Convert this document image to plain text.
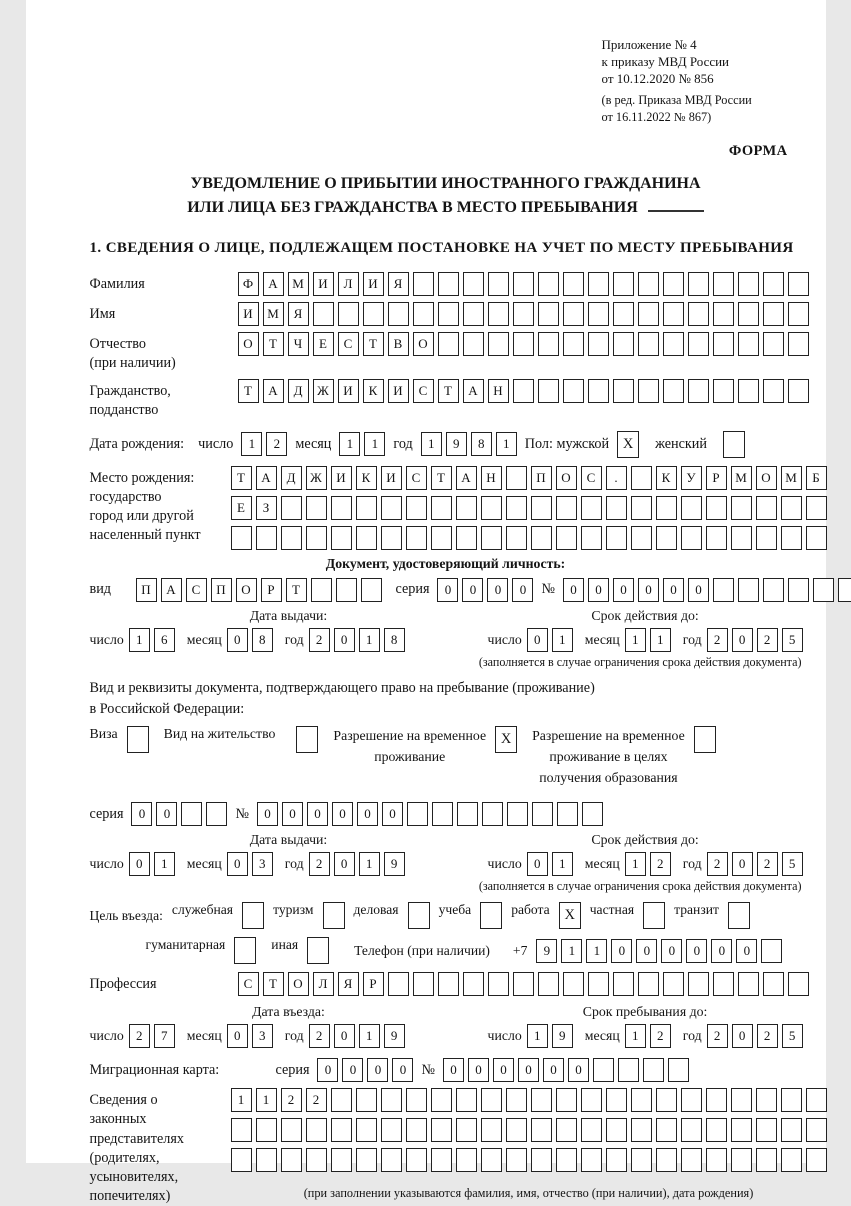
Приложение № 4
к приказу МВД России
от 10.12.2020 № 856
(в ред. Приказа МВД России
от 16.11.2022 № 867)
ФОРМА
УВЕДОМЛЕНИЕ О ПРИБЫТИИ ИНОСТРАННОГО ГРАЖДАНИНА
ИЛИ ЛИЦА БЕЗ ГРАЖДАНСТВА В МЕСТО ПРЕБЫВАНИЯ
1. СВЕДЕНИЯ О ЛИЦЕ, ПОДЛЕЖАЩЕМ ПОСТАНОВКЕ НА УЧЕТ ПО МЕСТУ ПРЕБЫВАНИЯ
Фамилия	Ф	А	М	И	Л	И	Я
Имя	И	М	Я
Отчество
(при наличии)
О	Т	Ч	Е	С	Т	В	О
Гражданство,
подданство
Т	А	Д	Ж	И	К	И	С	Т	А	Н
Дата рождения: число	1	2	месяц	1	1	год	1	9	8	1	Пол: мужской X	женский
Место рождения:
государство
город или другой
населенный пункт
Т	А	Д	Ж	И	К	И	С	Т	А	Н	П	О	С	.	К	У	Р	М	О	М	Б
Е	З
Документ, удостоверяющий личность:
вид	П	А	С	П	О	Р	Т	серия	0	0	0	0	№	0	0	0	0	0	0
Дата выдачи:
число 1	6	месяц 0	8	год 2	0	1	8
Срок действия до:
число 0	1	месяц 1	1	год 2	0	2	5
(заполняется в случае ограничения срока действия документа)
Вид и реквизиты документа, подтверждающего право на пребывание (проживание)
в Российской Федерации:
Виза	Вид на жительство	Разрешение на временное
проживание
X	Разрешение на временное
проживание в целях
получения образования
серия	0	0	№	0	0	0	0	0	0
Дата выдачи:
число 0	1	месяц 0	3	год 2	0	1	9
Срок действия до:
число 0	1	месяц 1	2	год 2	0	2	5
(заполняется в случае ограничения срока действия документа)
Цель въезда: служебная	туризм	деловая	учеба	работа	X	частная	транзит
гуманитарная	иная	Телефон (при наличии) +7	9	1	1	0	0	0	0	0	0
Профессия	С	Т	О	Л	Я	Р
Дата въезда:
число 2	7	месяц 0	3	год 2	0	1	9
Срок пребывания до:
число 1	9	месяц 1	2	год 2	0	2	5
Миграционная карта:	серия	0	0	0	0	№	0	0	0	0	0	0
Сведения о
законных
представителях
(родителях,
усыновителях,
попечителях)
1	1	2	2
(при заполнении указываются фамилия, имя, отчество (при наличии), дата рождения)
